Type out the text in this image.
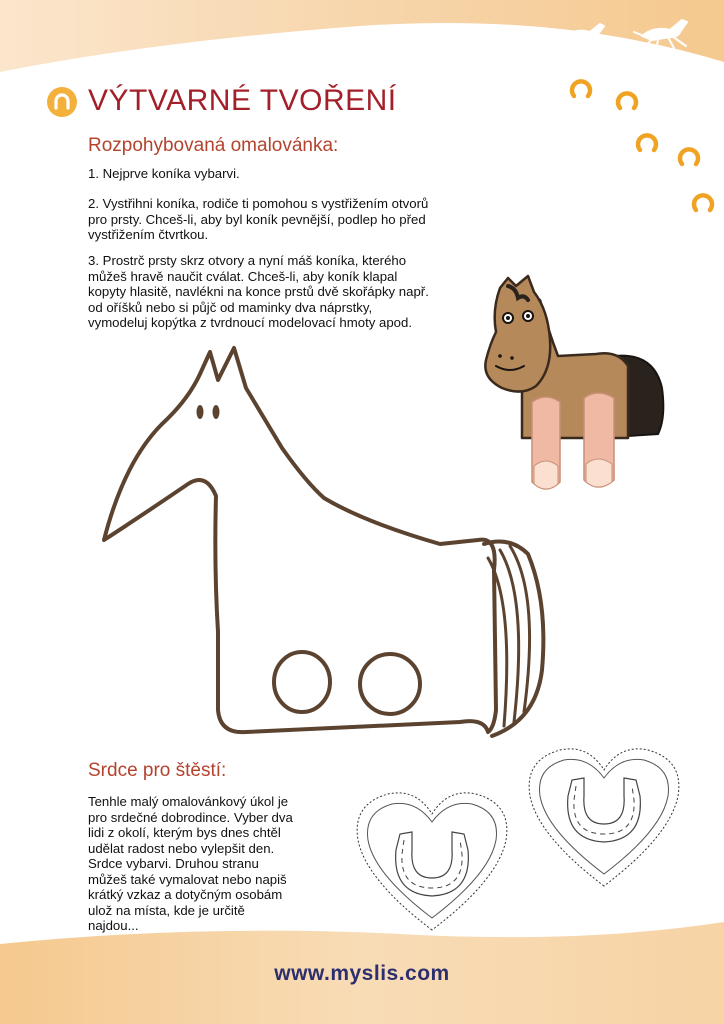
VÝTVARNÉ TVOŘENÍ
Rozpohybovaná omalovánka:
1. Nejprve koníka vybarvi.
2. Vystřihni koníka, rodiče ti pomohou s vystřižením otvorů
pro prsty. Chceš-li, aby byl koník pevnější, podlep ho před
vystřižením čtvrtkou.
3. Prostrč prsty skrz otvory a nyní máš koníka, kterého
můžeš hravě naučit cválat. Chceš-li, aby koník klapal
kopyty hlasitě, navlékni na konce prstů dvě skořápky např.
od oříšků nebo si půjč od maminky dva náprstky,
vymodeluj kopýtka z tvrdnoucí modelovací hmoty apod.
Srdce pro štěstí:
Tenhle malý omalovánkový úkol je
pro srdečné dobrodince. Vyber dva
lidi z okolí, kterým bys dnes chtěl
udělat radost nebo vylepšit den.
Srdce vybarvi. Druhou stranu
můžeš také vymalovat nebo napiš
krátký vzkaz a dotyčným osobám
ulož na místa, kde je určitě
najdou...
www.myslis.com
